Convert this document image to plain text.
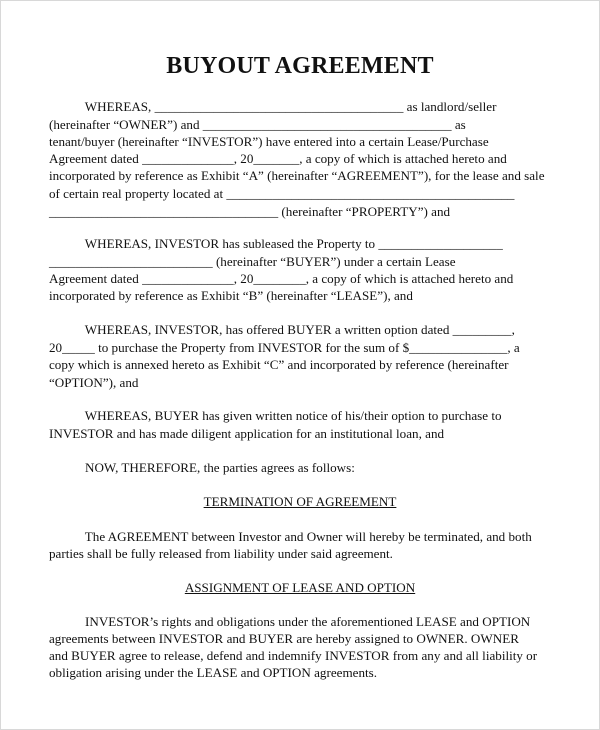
BUYOUT AGREEMENT
WHEREAS, ______________________________________ as landlord/seller
(hereinafter “OWNER”) and ______________________________________ as
tenant/buyer (hereinafter “INVESTOR”) have entered into a certain Lease/Purchase
Agreement dated ______________, 20_______, a copy of which is attached hereto and
incorporated by reference as Exhibit “A” (hereinafter “AGREEMENT”), for the lease and sale
of certain real property located at ____________________________________________
___________________________________ (hereinafter “PROPERTY”) and
WHEREAS, INVESTOR has subleased the Property to ___________________
_________________________ (hereinafter “BUYER”) under a certain Lease
Agreement dated ______________, 20________, a copy of which is attached hereto and
incorporated by reference as Exhibit “B” (hereinafter “LEASE”), and
WHEREAS, INVESTOR, has offered BUYER a written option dated _________,
20_____ to purchase the Property from INVESTOR for the sum of $_______________, a
copy which is annexed hereto as Exhibit “C” and incorporated by reference (hereinafter
“OPTION”), and
WHEREAS, BUYER has given written notice of his/their option to purchase to
INVESTOR and has made diligent application for an institutional loan, and
NOW, THEREFORE, the parties agrees as follows:
TERMINATION OF AGREEMENT
The AGREEMENT between Investor and Owner will hereby be terminated, and both
parties shall be fully released from liability under said agreement.
ASSIGNMENT OF LEASE AND OPTION
INVESTOR’s rights and obligations under the aforementioned LEASE and OPTION
agreements between INVESTOR and BUYER are hereby assigned to OWNER. OWNER
and BUYER agree to release, defend and indemnify INVESTOR from any and all liability or
obligation arising under the LEASE and OPTION agreements.
